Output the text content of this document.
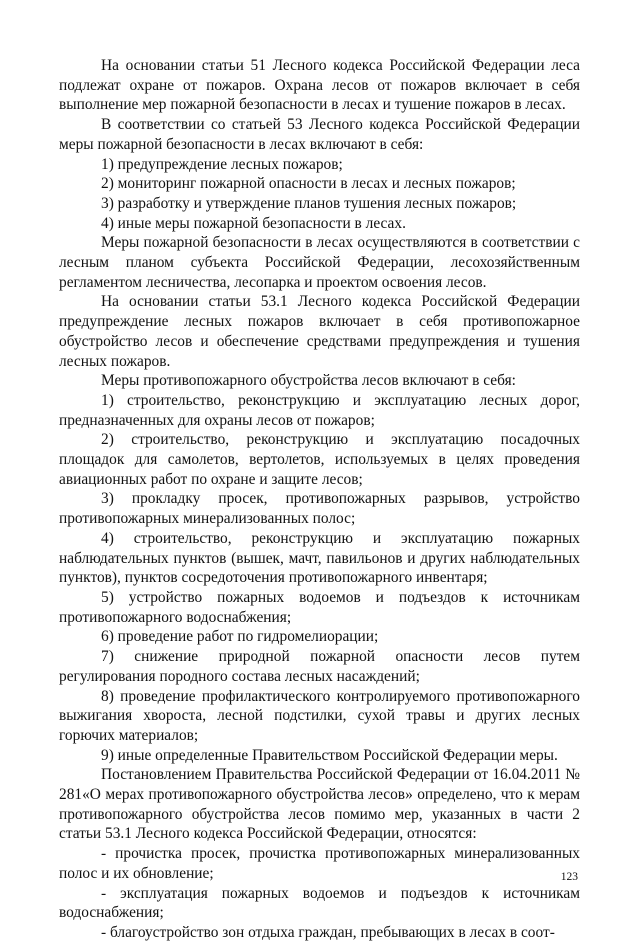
На основании статьи 51 Лесного кодекса Российской Федерации леса подлежат охране от пожаров. Охрана лесов от пожаров включает в себя выполнение мер пожарной безопасности в лесах и тушение пожаров в лесах.

В соответствии со статьей 53 Лесного кодекса Российской Федерации меры пожарной безопасности в лесах включают в себя:

1) предупреждение лесных пожаров;

2) мониторинг пожарной опасности в лесах и лесных пожаров;

3) разработку и утверждение планов тушения лесных пожаров;

4) иные меры пожарной безопасности в лесах.

Меры пожарной безопасности в лесах осуществляются в соответствии с лесным планом субъекта Российской Федерации, лесохозяйственным регламентом лесничества, лесопарка и проектом освоения лесов.

На основании статьи 53.1 Лесного кодекса Российской Федерации предупреждение лесных пожаров включает в себя противопожарное обустройство лесов и обеспечение средствами предупреждения и тушения лесных пожаров.

Меры противопожарного обустройства лесов включают в себя:

1) строительство, реконструкцию и эксплуатацию лесных дорог, предназначенных для охраны лесов от пожаров;

2) строительство, реконструкцию и эксплуатацию посадочных площадок для самолетов, вертолетов, используемых в целях проведения авиационных работ по охране и защите лесов;

3) прокладку просек, противопожарных разрывов, устройство противопожарных минерализованных полос;

4) строительство, реконструкцию и эксплуатацию пожарных наблюдательных пунктов (вышек, мачт, павильонов и других наблюдательных пунктов), пунктов сосредоточения противопожарного инвентаря;

5) устройство пожарных водоемов и подъездов к источникам противопожарного водоснабжения;

6) проведение работ по гидромелиорации;

7) снижение природной пожарной опасности лесов путем регулирования породного состава лесных насаждений;

8) проведение профилактического контролируемого противопожарного выжигания хвороста, лесной подстилки, сухой травы и других лесных горючих материалов;

9) иные определенные Правительством Российской Федерации меры.

Постановлением Правительства Российской Федерации от 16.04.2011 № 281«О мерах противопожарного обустройства лесов» определено, что к мерам противопожарного обустройства лесов помимо мер, указанных в части 2 статьи 53.1 Лесного кодекса Российской Федерации, относятся:

- прочистка просек, прочистка противопожарных минерализованных полос и их обновление;

- эксплуатация пожарных водоемов и подъездов к источникам водоснабжения;

- благоустройство зон отдыха граждан, пребывающих в лесах в соот-

123
